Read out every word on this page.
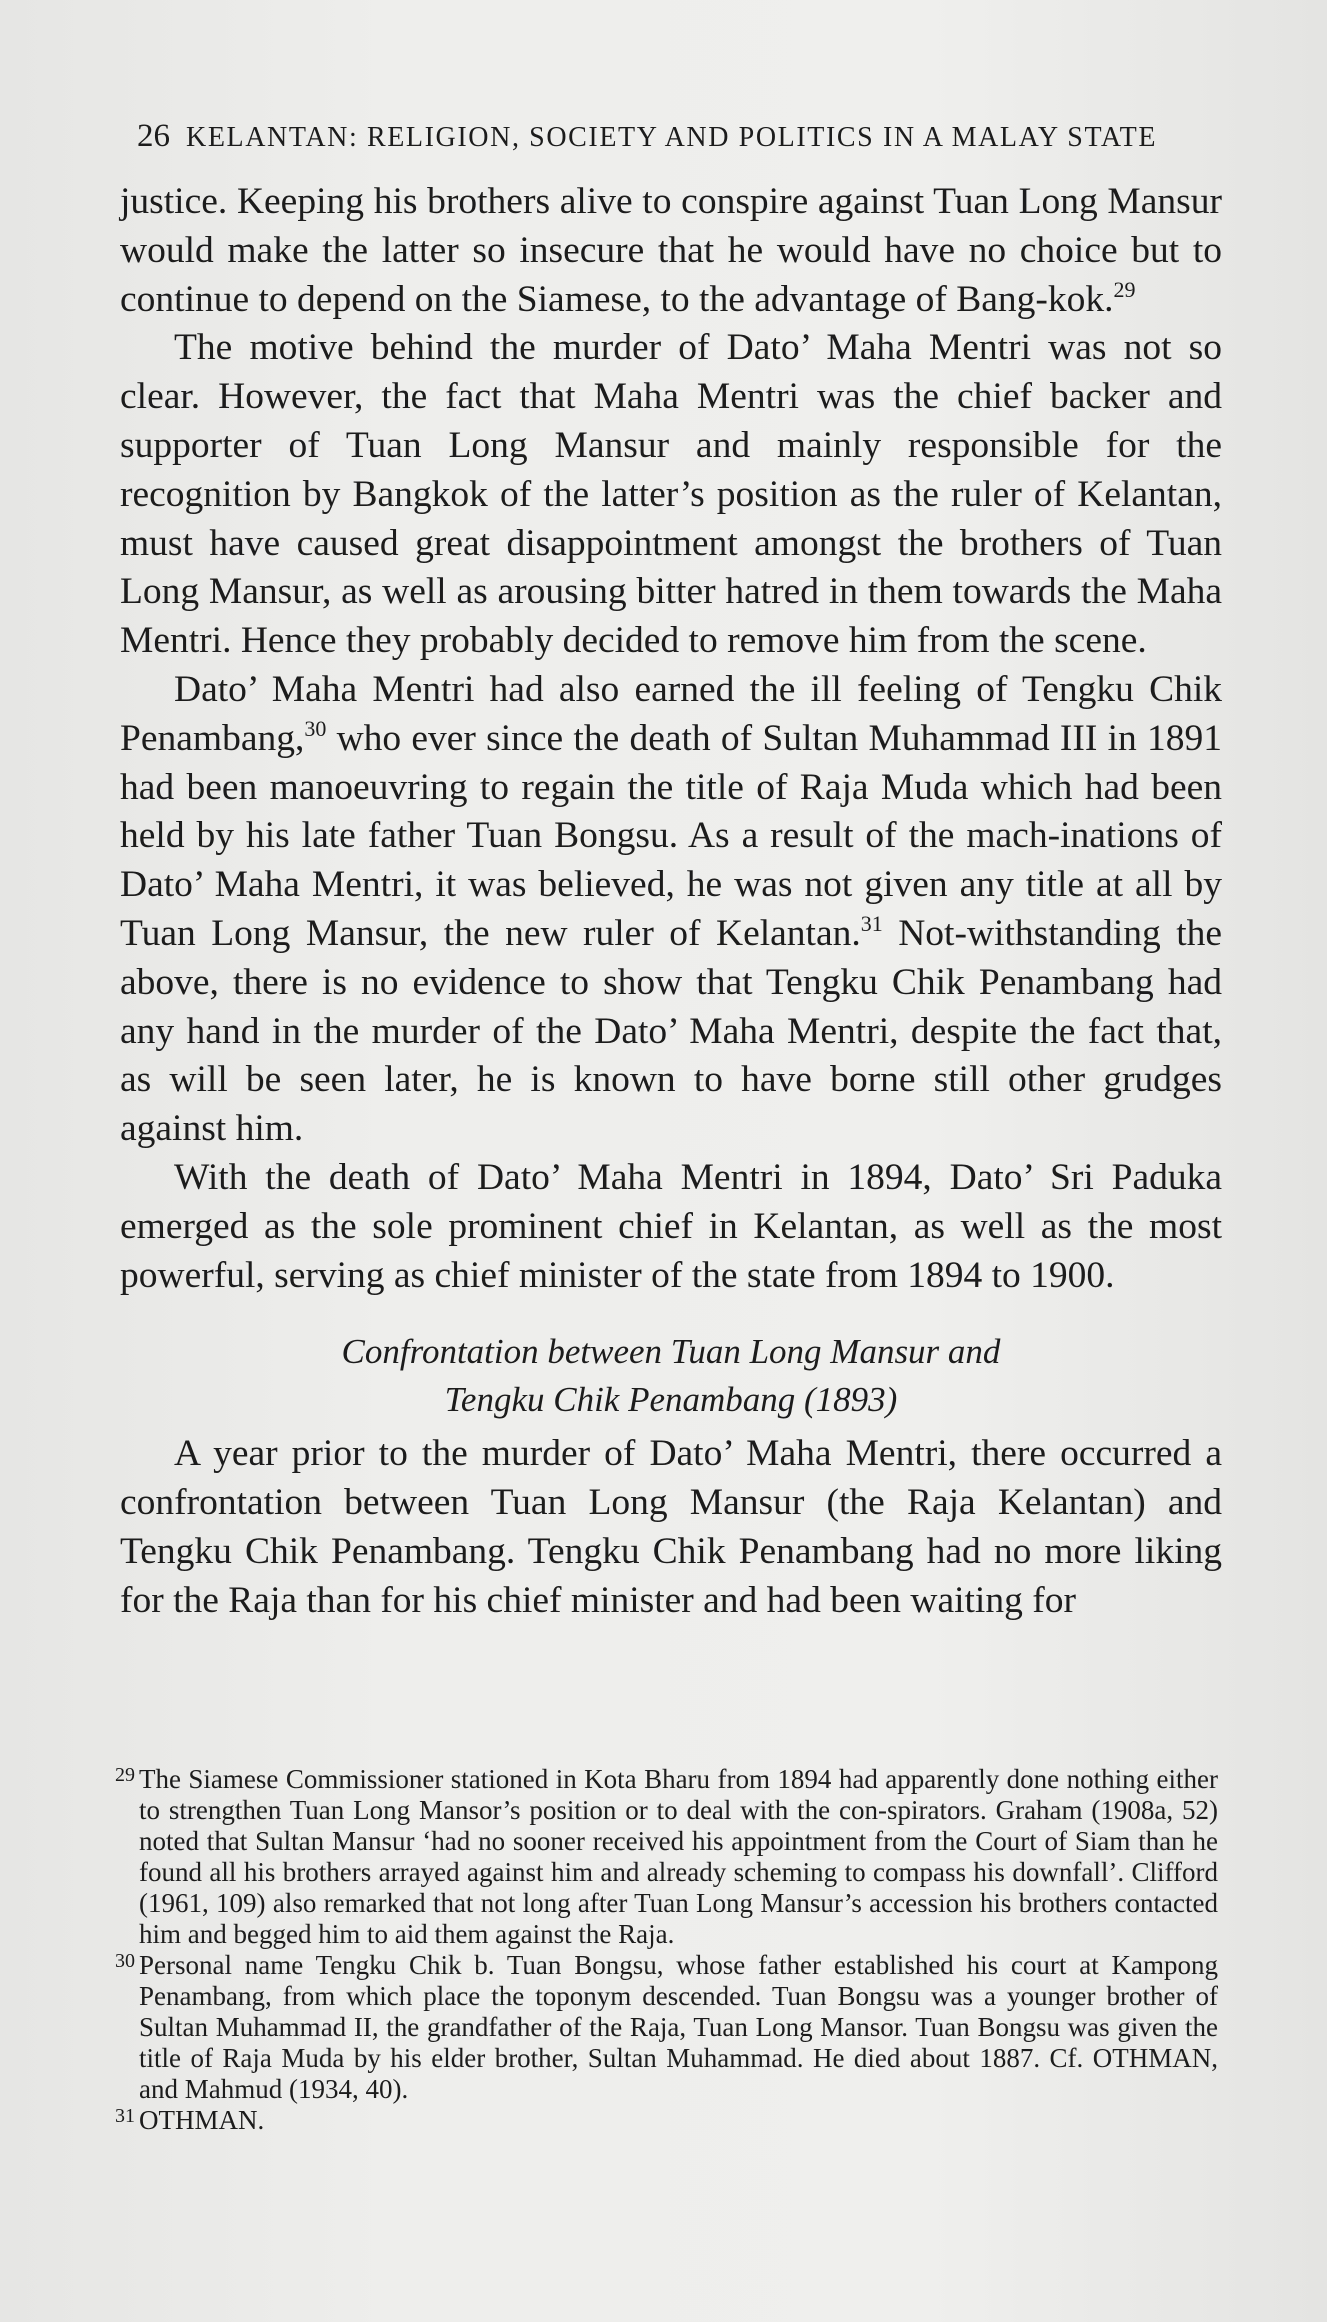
26 KELANTAN: RELIGION, SOCIETY AND POLITICS IN A MALAY STATE

justice. Keeping his brothers alive to conspire against Tuan Long Mansur would make the latter so insecure that he would have no choice but to continue to depend on the Siamese, to the advantage of Bang-kok.$^{29}$

The motive behind the murder of Dato’ Maha Mentri was not so clear. However, the fact that Maha Mentri was the chief backer and supporter of Tuan Long Mansur and mainly responsible for the recognition by Bangkok of the latter’s position as the ruler of Kelantan, must have caused great disappointment amongst the brothers of Tuan Long Mansur, as well as arousing bitter hatred in them towards the Maha Mentri. Hence they probably decided to remove him from the scene.

Dato’ Maha Mentri had also earned the ill feeling of Tengku Chik Penambang,$^{30}$ who ever since the death of Sultan Muhammad III in 1891 had been manoeuvring to regain the title of Raja Muda which had been held by his late father Tuan Bongsu. As a result of the mach-inations of Dato’ Maha Mentri, it was believed, he was not given any title at all by Tuan Long Mansur, the new ruler of Kelantan.$^{31}$ Not-withstanding the above, there is no evidence to show that Tengku Chik Penambang had any hand in the murder of the Dato’ Maha Mentri, despite the fact that, as will be seen later, he is known to have borne still other grudges against him.

With the death of Dato’ Maha Mentri in 1894, Dato’ Sri Paduka emerged as the sole prominent chief in Kelantan, as well as the most powerful, serving as chief minister of the state from 1894 to 1900.

Confrontation between Tuan Long Mansur and
Tengku Chik Penambang (1893)

A year prior to the murder of Dato’ Maha Mentri, there occurred a confrontation between Tuan Long Mansur (the Raja Kelantan) and Tengku Chik Penambang. Tengku Chik Penambang had no more liking for the Raja than for his chief minister and had been waiting for

29 The Siamese Commissioner stationed in Kota Bharu from 1894 had apparently done nothing either to strengthen Tuan Long Mansor’s position or to deal with the con-spirators. Graham (1908a, 52) noted that Sultan Mansur ‘had no sooner received his appointment from the Court of Siam than he found all his brothers arrayed against him and already scheming to compass his downfall’. Clifford (1961, 109) also remarked that not long after Tuan Long Mansur’s accession his brothers contacted him and begged him to aid them against the Raja.

30 Personal name Tengku Chik b. Tuan Bongsu, whose father established his court at Kampong Penambang, from which place the toponym descended. Tuan Bongsu was a younger brother of Sultan Muhammad II, the grandfather of the Raja, Tuan Long Mansor. Tuan Bongsu was given the title of Raja Muda by his elder brother, Sultan Muhammad. He died about 1887. Cf. OTHMAN, and Mahmud (1934, 40).

31 OTHMAN.
